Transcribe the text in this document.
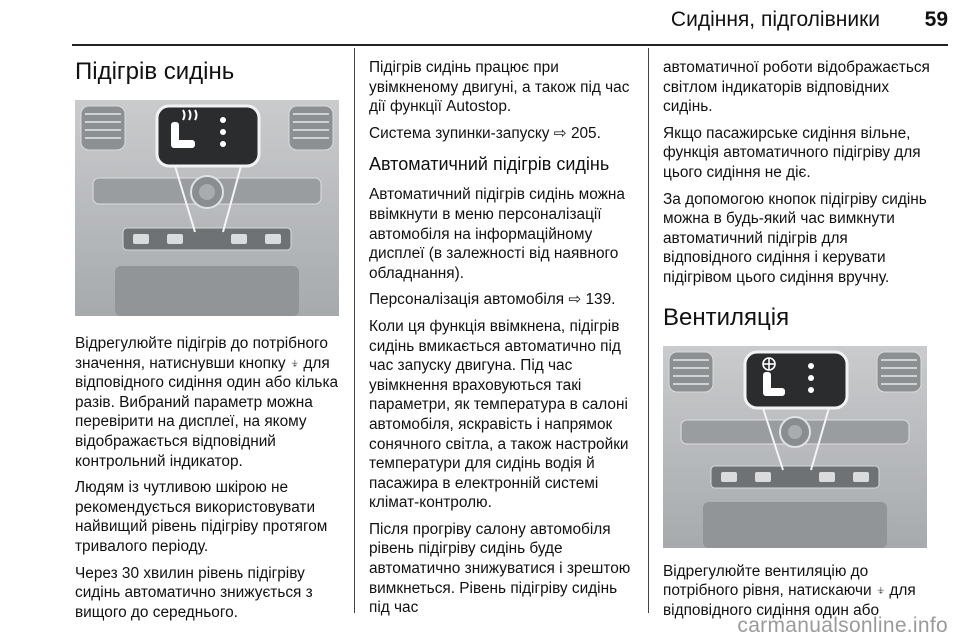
Сидіння, підголівники	59
Підігрів сидінь

Відрегулюйте підігрів до потрібного значення, натиснувши кнопку ⍖ для відповідного сидіння один або кілька разів. Вибраний параметр можна перевірити на дисплеї, на якому відображається відповідний контрольний індикатор.

Людям із чутливою шкірою не рекомендується використовувати найвищий рівень підігріву протягом тривалого періоду.

Через 30 хвилин рівень підігріву сидінь автоматично знижується з вищого до середнього.

Підігрів сидінь працює при увімкненому двигуні, а також під час дії функції Autostop.

Система зупинки-запуску ⇨ 205.

Автоматичний підігрів сидінь

Автоматичний підігрів сидінь можна ввімкнути в меню персоналізації автомобіля на інформаційному дисплеї (в залежності від наявного обладнання).

Персоналізація автомобіля ⇨ 139.

Коли ця функція ввімкнена, підігрів сидінь вмикається автоматично під час запуску двигуна. Під час увімкнення враховуються такі параметри, як температура в салоні автомобіля, яскравість і напрямок сонячного світла, а також настройки температури для сидінь водія й пасажира в електронній системі клімат-контролю.

Після прогріву салону автомобіля рівень підігріву сидінь буде автоматично знижуватися і зрештою вимкнеться. Рівень підігріву сидінь під час

автоматичної роботи відображається світлом індикаторів відповідних сидінь.

Якщо пасажирське сидіння вільне, функція автоматичного підігріву для цього сидіння не діє.

За допомогою кнопок підігріву сидінь можна в будь-який час вимкнути автоматичний підігрів для відповідного сидіння і керувати підігрівом цього сидіння вручну.

Вентиляція

Відрегулюйте вентиляцію до потрібного рівня, натискаючи ⍖ для відповідного сидіння один або

carmanualsonline.info
